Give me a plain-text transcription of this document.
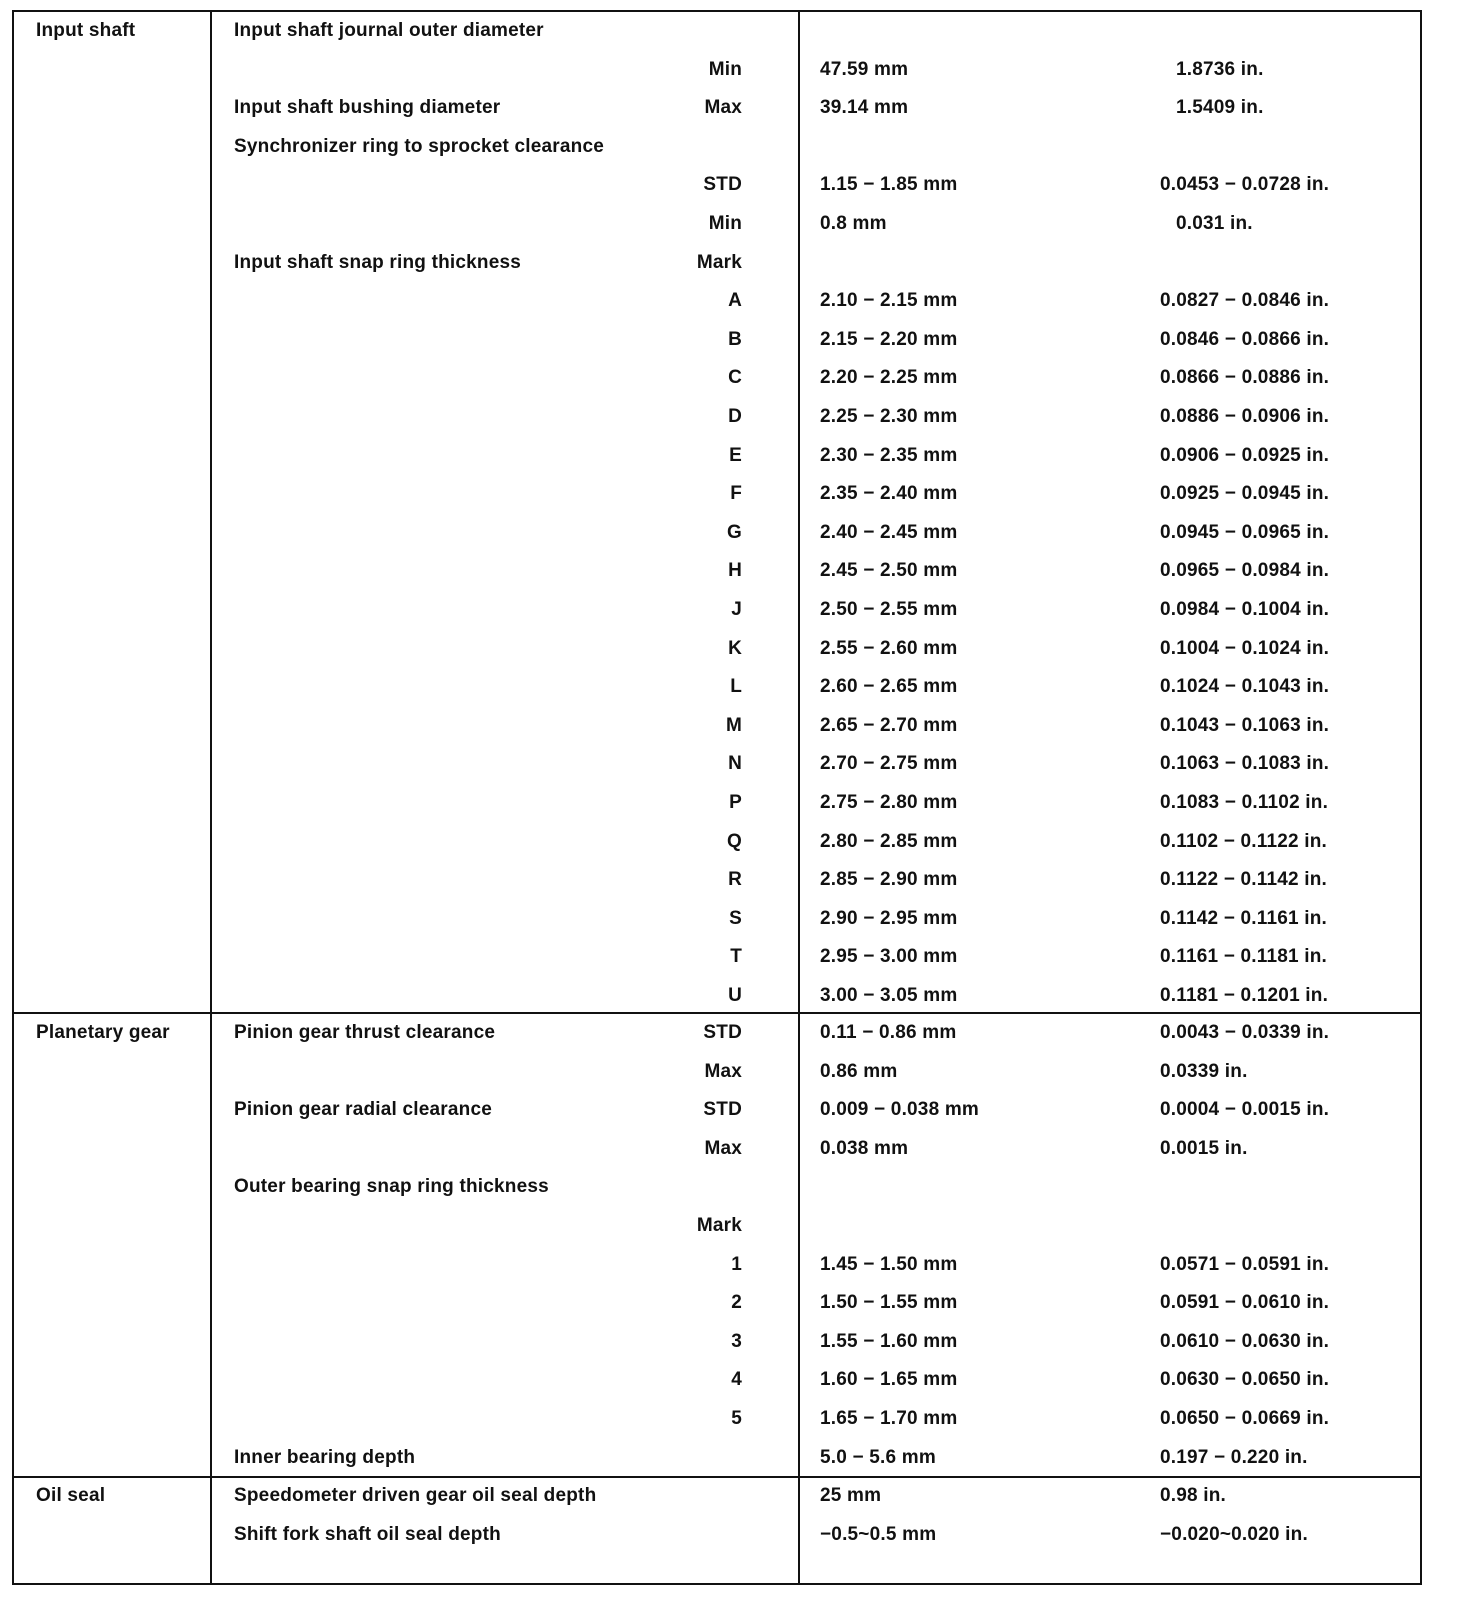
Input shaft	Input shaft journal outer diameter
Min	47.59 mm	1.8736 in.
Input shaft bushing diameter	Max	39.14 mm	1.5409 in.
Synchronizer ring to sprocket clearance
STD	1.15 − 1.85 mm	0.0453 − 0.0728 in.
Min	0.8 mm	0.031 in.
Input shaft snap ring thickness	Mark
A	2.10 − 2.15 mm	0.0827 − 0.0846 in.
B	2.15 − 2.20 mm	0.0846 − 0.0866 in.
C	2.20 − 2.25 mm	0.0866 − 0.0886 in.
D	2.25 − 2.30 mm	0.0886 − 0.0906 in.
E	2.30 − 2.35 mm	0.0906 − 0.0925 in.
F	2.35 − 2.40 mm	0.0925 − 0.0945 in.
G	2.40 − 2.45 mm	0.0945 − 0.0965 in.
H	2.45 − 2.50 mm	0.0965 − 0.0984 in.
J	2.50 − 2.55 mm	0.0984 − 0.1004 in.
K	2.55 − 2.60 mm	0.1004 − 0.1024 in.
L	2.60 − 2.65 mm	0.1024 − 0.1043 in.
M	2.65 − 2.70 mm	0.1043 − 0.1063 in.
N	2.70 − 2.75 mm	0.1063 − 0.1083 in.
P	2.75 − 2.80 mm	0.1083 − 0.1102 in.
Q	2.80 − 2.85 mm	0.1102 − 0.1122 in.
R	2.85 − 2.90 mm	0.1122 − 0.1142 in.
S	2.90 − 2.95 mm	0.1142 − 0.1161 in.
T	2.95 − 3.00 mm	0.1161 − 0.1181 in.
U	3.00 − 3.05 mm	0.1181 − 0.1201 in.
Planetary gear	Pinion gear thrust clearance	STD	0.11 − 0.86 mm	0.0043 − 0.0339 in.
Max	0.86 mm	0.0339 in.
Pinion gear radial clearance	STD	0.009 − 0.038 mm	0.0004 − 0.0015 in.
Max	0.038 mm	0.0015 in.
Outer bearing snap ring thickness
Mark
1	1.45 − 1.50 mm	0.0571 − 0.0591 in.
2	1.50 − 1.55 mm	0.0591 − 0.0610 in.
3	1.55 − 1.60 mm	0.0610 − 0.0630 in.
4	1.60 − 1.65 mm	0.0630 − 0.0650 in.
5	1.65 − 1.70 mm	0.0650 − 0.0669 in.
Inner bearing depth	5.0 − 5.6 mm	0.197 − 0.220 in.
Oil seal	Speedometer driven gear oil seal depth	25 mm	0.98 in.
Shift fork shaft oil seal depth	−0.5~0.5 mm	−0.020~0.020 in.
